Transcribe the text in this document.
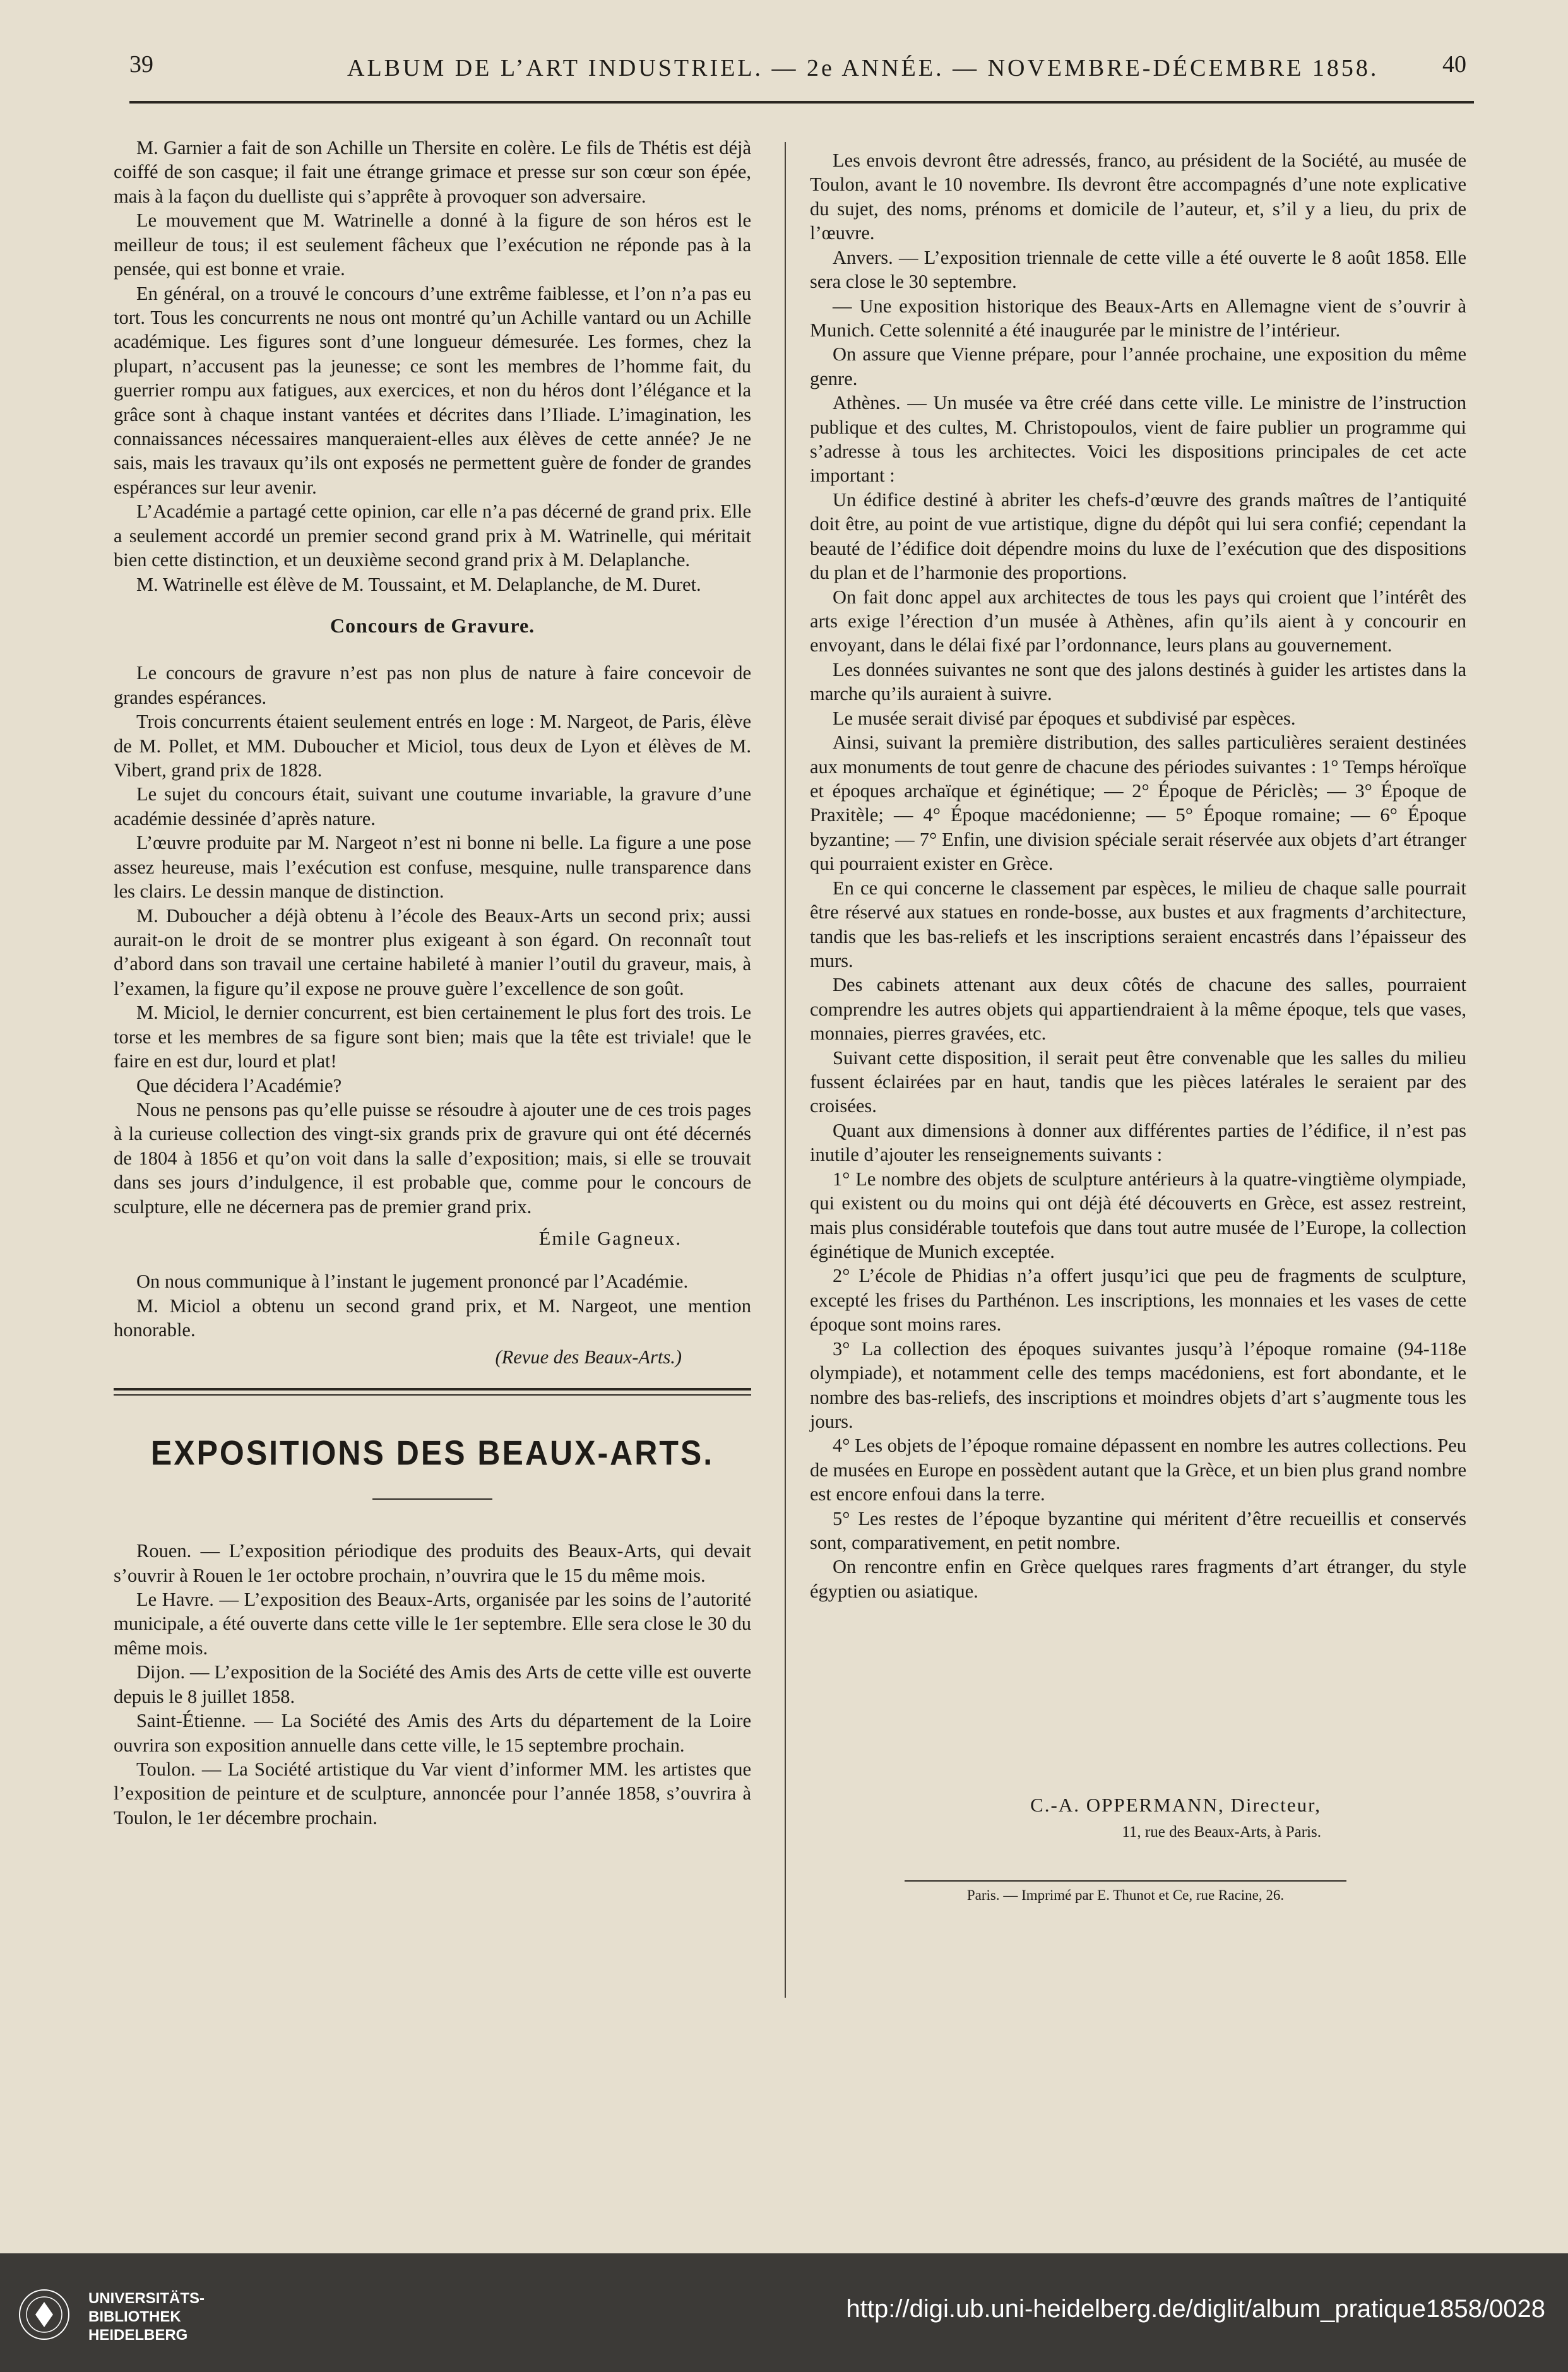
39	ALBUM DE L’ART INDUSTRIEL. — 2e ANNÉE. — NOVEMBRE-DÉCEMBRE 1858.	40

M. Garnier a fait de son Achille un Thersite en colère. Le fils de Thétis est déjà coiffé de son casque; il fait une étrange grimace et presse sur son cœur son épée, mais à la façon du duelliste qui s’apprête à provoquer son adversaire.

Le mouvement que M. Watrinelle a donné à la figure de son héros est le meilleur de tous; il est seulement fâcheux que l’exécution ne réponde pas à la pensée, qui est bonne et vraie.

En général, on a trouvé le concours d’une extrême faiblesse, et l’on n’a pas eu tort. Tous les concurrents ne nous ont montré qu’un Achille vantard ou un Achille académique. Les figures sont d’une longueur démesurée. Les formes, chez la plupart, n’accusent pas la jeunesse; ce sont les membres de l’homme fait, du guerrier rompu aux fatigues, aux exercices, et non du héros dont l’élégance et la grâce sont à chaque instant vantées et décrites dans l’Iliade. L’imagination, les connaissances nécessaires manqueraient-elles aux élèves de cette année? Je ne sais, mais les travaux qu’ils ont exposés ne permettent guère de fonder de grandes espérances sur leur avenir.

L’Académie a partagé cette opinion, car elle n’a pas décerné de grand prix. Elle a seulement accordé un premier second grand prix à M. Watrinelle, qui méritait bien cette distinction, et un deuxième second grand prix à M. Delaplanche.

M. Watrinelle est élève de M. Toussaint, et M. Delaplanche, de M. Duret.

Concours de Gravure.

Le concours de gravure n’est pas non plus de nature à faire concevoir de grandes espérances.

Trois concurrents étaient seulement entrés en loge : M. Nargeot, de Paris, élève de M. Pollet, et MM. Duboucher et Miciol, tous deux de Lyon et élèves de M. Vibert, grand prix de 1828.

Le sujet du concours était, suivant une coutume invariable, la gravure d’une académie dessinée d’après nature.

L’œuvre produite par M. Nargeot n’est ni bonne ni belle. La figure a une pose assez heureuse, mais l’exécution est confuse, mesquine, nulle transparence dans les clairs. Le dessin manque de distinction.

M. Duboucher a déjà obtenu à l’école des Beaux-Arts un second prix; aussi aurait-on le droit de se montrer plus exigeant à son égard. On reconnaît tout d’abord dans son travail une certaine habileté à manier l’outil du graveur, mais, à l’examen, la figure qu’il expose ne prouve guère l’excellence de son goût.

M. Miciol, le dernier concurrent, est bien certainement le plus fort des trois. Le torse et les membres de sa figure sont bien; mais que la tête est triviale! que le faire en est dur, lourd et plat!

Que décidera l’Académie?

Nous ne pensons pas qu’elle puisse se résoudre à ajouter une de ces trois pages à la curieuse collection des vingt-six grands prix de gravure qui ont été décernés de 1804 à 1856 et qu’on voit dans la salle d’exposition; mais, si elle se trouvait dans ses jours d’indulgence, il est probable que, comme pour le concours de sculpture, elle ne décernera pas de premier grand prix.

Émile Gagneux.

On nous communique à l’instant le jugement prononcé par l’Académie.

M. Miciol a obtenu un second grand prix, et M. Nargeot, une mention honorable.

(Revue des Beaux-Arts.)
EXPOSITIONS DES BEAUX-ARTS.

Rouen. — L’exposition périodique des produits des Beaux-Arts, qui devait s’ouvrir à Rouen le 1er octobre prochain, n’ouvrira que le 15 du même mois.

Le Havre. — L’exposition des Beaux-Arts, organisée par les soins de l’autorité municipale, a été ouverte dans cette ville le 1er septembre. Elle sera close le 30 du même mois.

Dijon. — L’exposition de la Société des Amis des Arts de cette ville est ouverte depuis le 8 juillet 1858.

Saint-Étienne. — La Société des Amis des Arts du département de la Loire ouvrira son exposition annuelle dans cette ville, le 15 septembre prochain.

Toulon. — La Société artistique du Var vient d’informer MM. les artistes que l’exposition de peinture et de sculpture, annoncée pour l’année 1858, s’ouvrira à Toulon, le 1er décembre prochain.

Les envois devront être adressés, franco, au président de la Société, au musée de Toulon, avant le 10 novembre. Ils devront être accompagnés d’une note explicative du sujet, des noms, prénoms et domicile de l’auteur, et, s’il y a lieu, du prix de l’œuvre.

Anvers. — L’exposition triennale de cette ville a été ouverte le 8 août 1858. Elle sera close le 30 septembre.

— Une exposition historique des Beaux-Arts en Allemagne vient de s’ouvrir à Munich. Cette solennité a été inaugurée par le ministre de l’intérieur.

On assure que Vienne prépare, pour l’année prochaine, une exposition du même genre.

Athènes. — Un musée va être créé dans cette ville. Le ministre de l’instruction publique et des cultes, M. Christopoulos, vient de faire publier un programme qui s’adresse à tous les architectes. Voici les dispositions principales de cet acte important :

Un édifice destiné à abriter les chefs-d’œuvre des grands maîtres de l’antiquité doit être, au point de vue artistique, digne du dépôt qui lui sera confié; cependant la beauté de l’édifice doit dépendre moins du luxe de l’exécution que des dispositions du plan et de l’harmonie des proportions.

On fait donc appel aux architectes de tous les pays qui croient que l’intérêt des arts exige l’érection d’un musée à Athènes, afin qu’ils aient à y concourir en envoyant, dans le délai fixé par l’ordonnance, leurs plans au gouvernement.

Les données suivantes ne sont que des jalons destinés à guider les artistes dans la marche qu’ils auraient à suivre.

Le musée serait divisé par époques et subdivisé par espèces.

Ainsi, suivant la première distribution, des salles particulières seraient destinées aux monuments de tout genre de chacune des périodes suivantes : 1° Temps héroïque et époques archaïque et éginétique; — 2° Époque de Périclès; — 3° Époque de Praxitèle; — 4° Époque macédonienne; — 5° Époque romaine; — 6° Époque byzantine; — 7° Enfin, une division spéciale serait réservée aux objets d’art étranger qui pourraient exister en Grèce.

En ce qui concerne le classement par espèces, le milieu de chaque salle pourrait être réservé aux statues en ronde-bosse, aux bustes et aux fragments d’architecture, tandis que les bas-reliefs et les inscriptions seraient encastrés dans l’épaisseur des murs.

Des cabinets attenant aux deux côtés de chacune des salles, pourraient comprendre les autres objets qui appartiendraient à la même époque, tels que vases, monnaies, pierres gravées, etc.

Suivant cette disposition, il serait peut être convenable que les salles du milieu fussent éclairées par en haut, tandis que les pièces latérales le seraient par des croisées.

Quant aux dimensions à donner aux différentes parties de l’édifice, il n’est pas inutile d’ajouter les renseignements suivants :

1° Le nombre des objets de sculpture antérieurs à la quatre-vingtième olympiade, qui existent ou du moins qui ont déjà été découverts en Grèce, est assez restreint, mais plus considérable toutefois que dans tout autre musée de l’Europe, la collection éginétique de Munich exceptée.

2° L’école de Phidias n’a offert jusqu’ici que peu de fragments de sculpture, excepté les frises du Parthénon. Les inscriptions, les monnaies et les vases de cette époque sont moins rares.

3° La collection des époques suivantes jusqu’à l’époque romaine (94-118e olympiade), et notamment celle des temps macédoniens, est fort abondante, et le nombre des bas-reliefs, des inscriptions et moindres objets d’art s’augmente tous les jours.

4° Les objets de l’époque romaine dépassent en nombre les autres collections. Peu de musées en Europe en possèdent autant que la Grèce, et un bien plus grand nombre est encore enfoui dans la terre.

5° Les restes de l’époque byzantine qui méritent d’être recueillis et conservés sont, comparativement, en petit nombre.

On rencontre enfin en Grèce quelques rares fragments d’art étranger, du style égyptien ou asiatique.

C.-A. OPPERMANN, Directeur,
11, rue des Beaux-Arts, à Paris.
Paris. — Imprimé par E. Thunot et Ce, rue Racine, 26.
UNIVERSITÄTS-
BIBLIOTHEK
HEIDELBERG
http://digi.ub.uni-heidelberg.de/diglit/album_pratique1858/0028
